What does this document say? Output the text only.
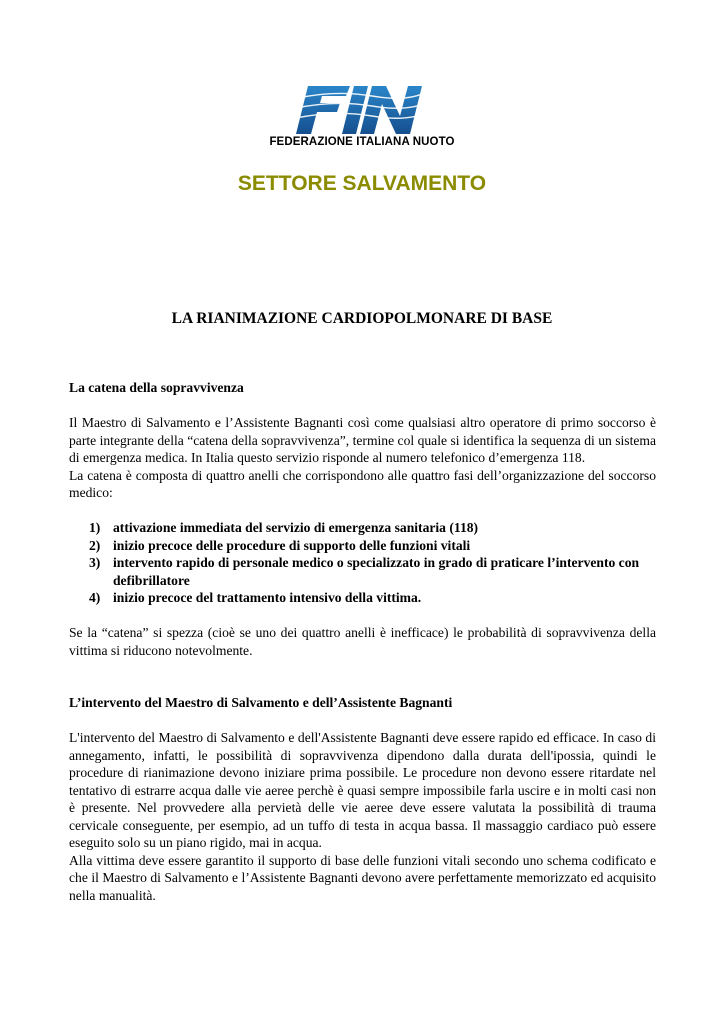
FEDERAZIONE ITALIANA NUOTO
SETTORE SALVAMENTO
LA RIANIMAZIONE CARDIOPOLMONARE DI BASE

La catena della sopravvivenza

Il Maestro di Salvamento e l’Assistente Bagnanti così come qualsiasi altro operatore di primo soccorso è parte integrante della “catena della sopravvivenza”, termine col quale si identifica la sequenza di un sistema di emergenza medica. In Italia questo servizio risponde al numero telefonico d’emergenza 118.

La catena è composta di quattro anelli che corrispondono alle quattro fasi dell’organizzazione del soccorso medico:

1) attivazione immediata del servizio di emergenza sanitaria (118)
2) inizio precoce delle procedure di supporto delle funzioni vitali
3) intervento rapido di personale medico o specializzato in grado di praticare l’intervento con defibrillatore
4) inizio precoce del trattamento intensivo della vittima.

Se la “catena” si spezza (cioè se uno dei quattro anelli è inefficace) le probabilità di sopravvivenza della vittima si riducono notevolmente.

L’intervento del Maestro di Salvamento e dell’Assistente Bagnanti

L'intervento del Maestro di Salvamento e dell'Assistente Bagnanti deve essere rapido ed efficace. In caso di annegamento, infatti, le possibilità di sopravvivenza dipendono dalla durata dell'ipossia, quindi le procedure di rianimazione devono iniziare prima possibile. Le procedure non devono essere ritardate nel tentativo di estrarre acqua dalle vie aeree perchè è quasi sempre impossibile farla uscire e in molti casi non è presente. Nel provvedere alla pervietà delle vie aeree deve essere valutata la possibilità di trauma cervicale conseguente, per esempio, ad un tuffo di testa in acqua bassa. Il massaggio cardiaco può essere eseguito solo su un piano rigido, mai in acqua.

Alla vittima deve essere garantito il supporto di base delle funzioni vitali secondo uno schema codificato e che il Maestro di Salvamento e l’Assistente Bagnanti devono avere perfettamente memorizzato ed acquisito nella manualità.
